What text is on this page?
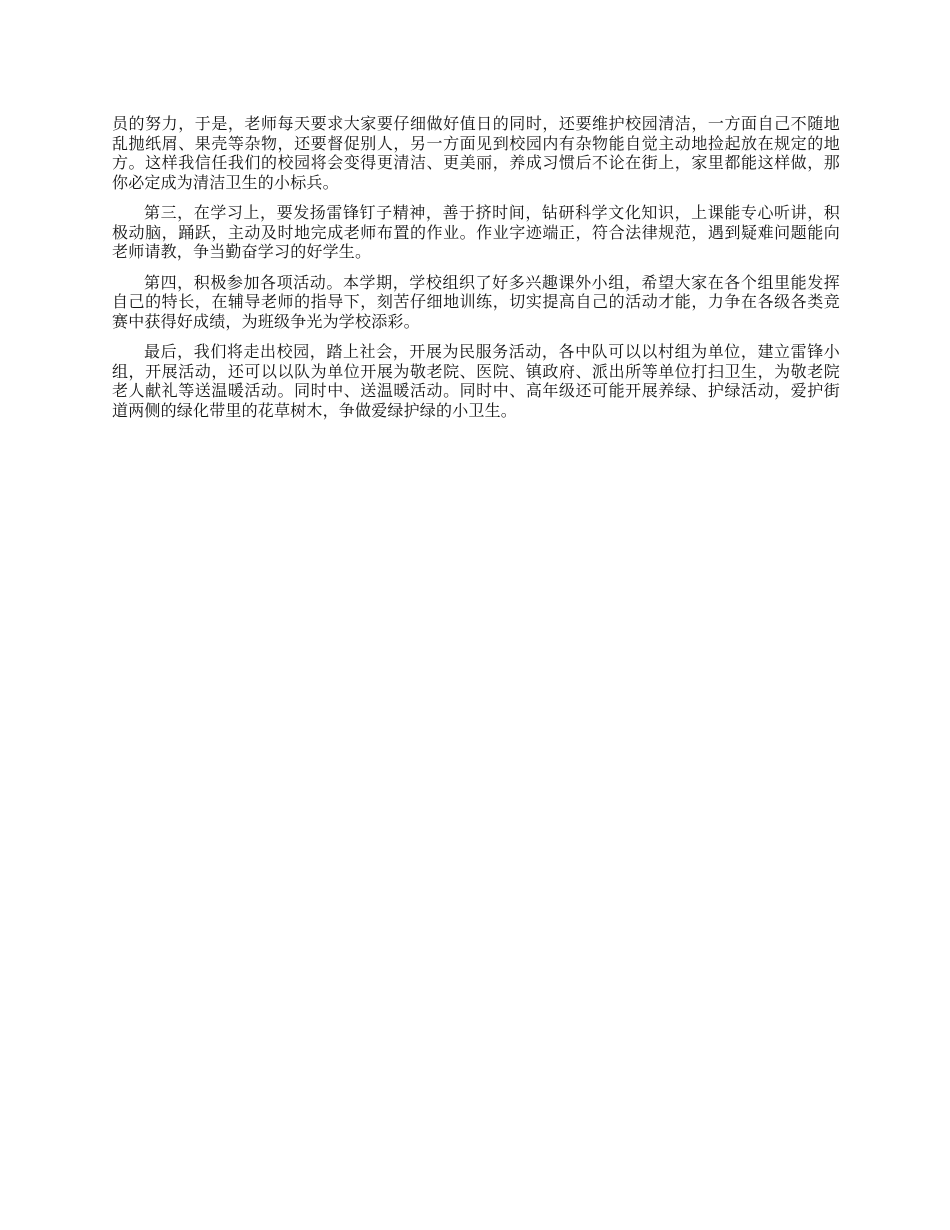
员的努力，于是，老师每天要求大家要仔细做好值日的同时，还要维护校园清洁，一方面自己不随地乱抛纸屑、果壳等杂物，还要督促别人，另一方面见到校园内有杂物能自觉主动地捡起放在规定的地方。这样我信任我们的校园将会变得更清洁、更美丽，养成习惯后不论在街上，家里都能这样做，那你必定成为清洁卫生的小标兵。

第三，在学习上，要发扬雷锋钉子精神，善于挤时间，钻研科学文化知识，上课能专心听讲，积极动脑，踊跃，主动及时地完成老师布置的作业。作业字迹端正，符合法律规范，遇到疑难问题能向老师请教，争当勤奋学习的好学生。

第四，积极参加各项活动。本学期，学校组织了好多兴趣课外小组，希望大家在各个组里能发挥自己的特长，在辅导老师的指导下，刻苦仔细地训练，切实提高自己的活动才能，力争在各级各类竞赛中获得好成绩，为班级争光为学校添彩。

最后，我们将走出校园，踏上社会，开展为民服务活动，各中队可以以村组为单位，建立雷锋小组，开展活动，还可以以队为单位开展为敬老院、医院、镇政府、派出所等单位打扫卫生，为敬老院老人献礼等送温暖活动。同时中、送温暖活动。同时中、高年级还可能开展养绿、护绿活动，爱护街道两侧的绿化带里的花草树木，争做爱绿护绿的小卫生。
